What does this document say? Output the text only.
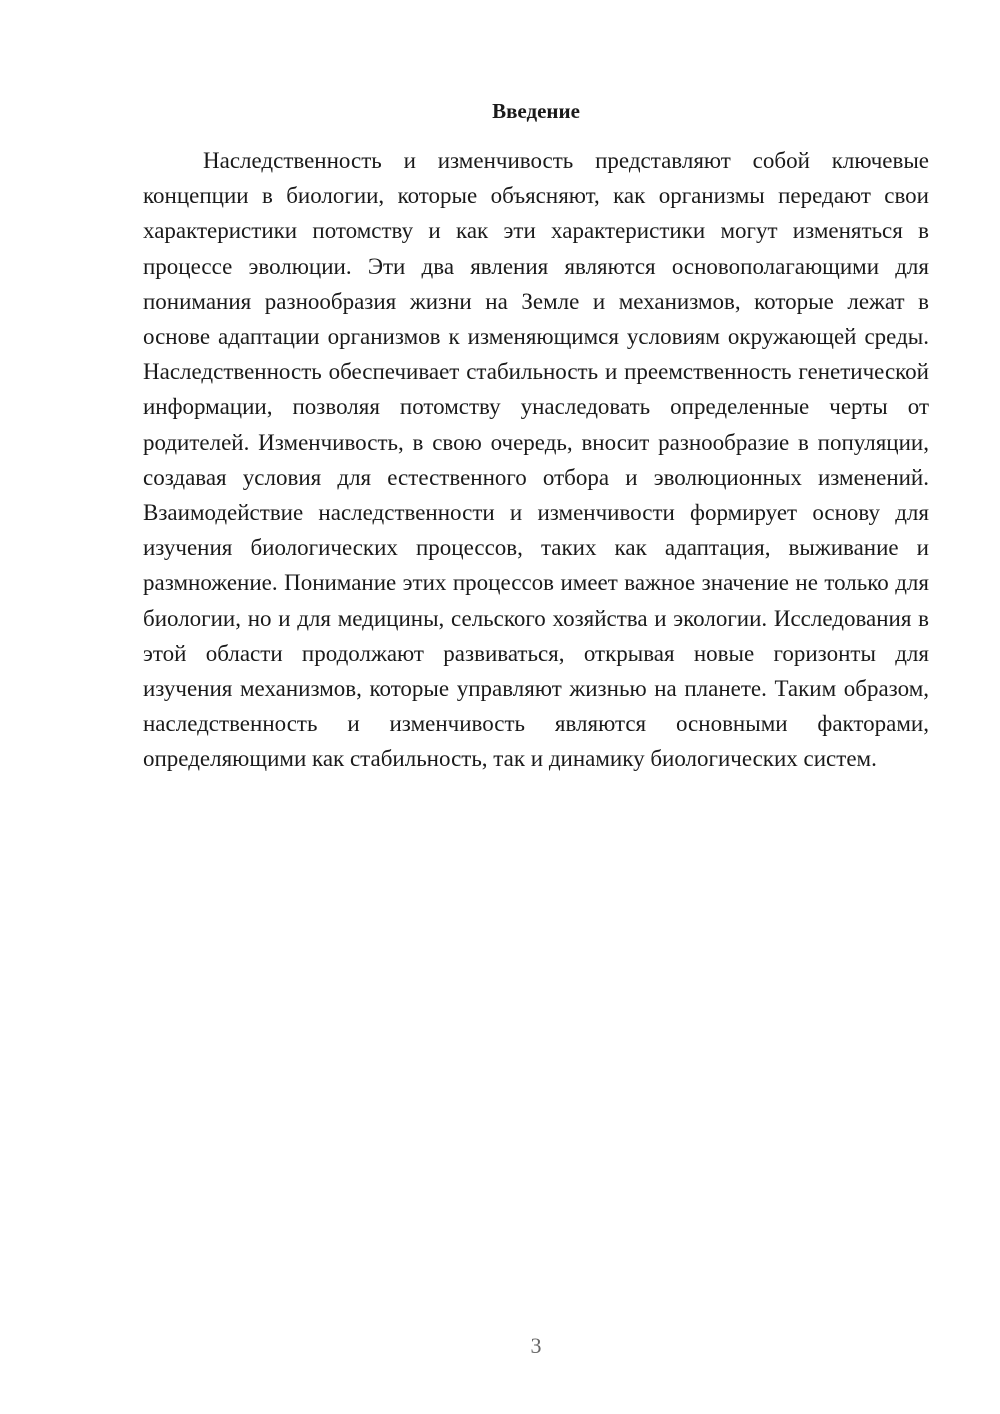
Введение

Наследственность и изменчивость представляют собой ключевые концепции в биологии, которые объясняют, как организмы передают свои характеристики потомству и как эти характеристики могут изменяться в процессе эволюции. Эти два явления являются основополагающими для понимания разнообразия жизни на Земле и механизмов, которые лежат в основе адаптации организмов к изменяющимся условиям окружающей среды. Наследственность обеспечивает стабильность и преемственность генетической информации, позволяя потомству унаследовать определенные черты от родителей. Изменчивость, в свою очередь, вносит разнообразие в популяции, создавая условия для естественного отбора и эволюционных изменений. Взаимодействие наследственности и изменчивости формирует основу для изучения биологических процессов, таких как адаптация, выживание и размножение. Понимание этих процессов имеет важное значение не только для биологии, но и для медицины, сельского хозяйства и экологии. Исследования в этой области продолжают развиваться, открывая новые горизонты для изучения механизмов, которые управляют жизнью на планете. Таким образом, наследственность и изменчивость являются основными факторами, определяющими как стабильность, так и динамику биологических систем.

3
